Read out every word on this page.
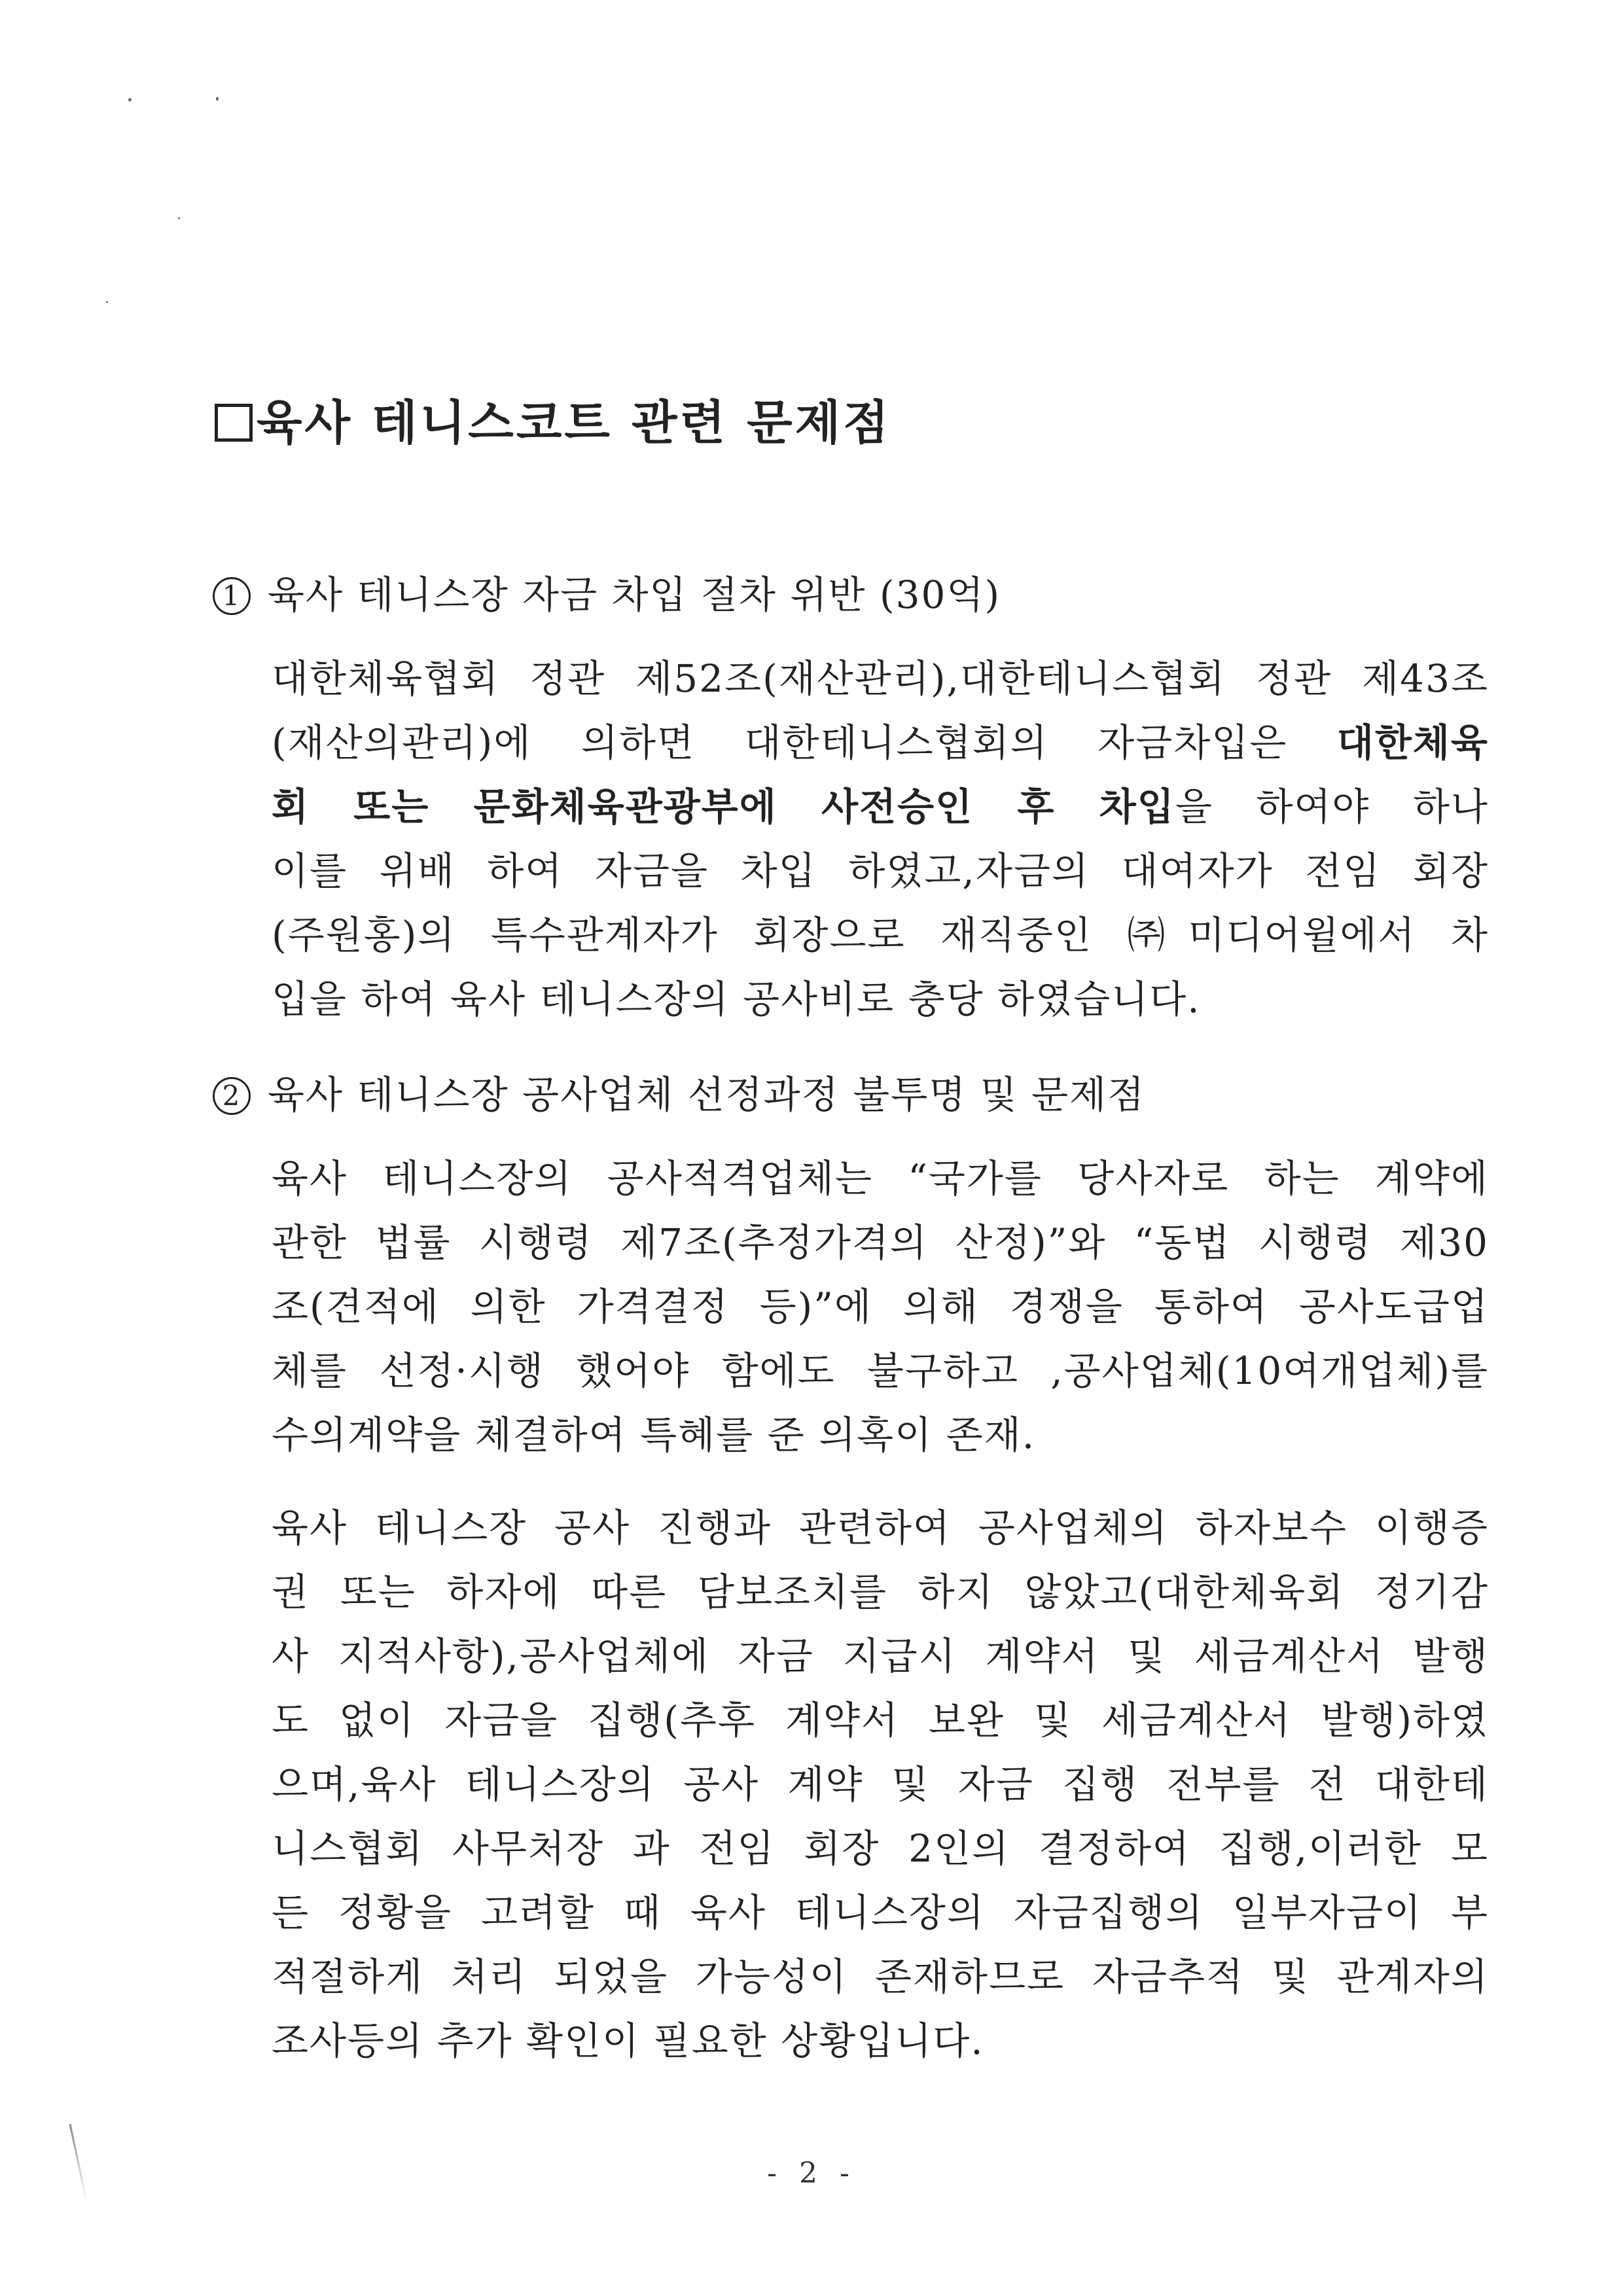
육사 테니스코트 관련 문제점
1 육사 테니스장 자금 차입 절차 위반 (30억)
대한체육협회 정관 제52조(재산관리),대한테니스협회 정관 제43조
(재산의관리)에 의하면 대한테니스협회의 자금차입은 대한체육
회 또는 문화체육관광부에 사전승인 후 차입을 하여야 하나
이를 위배 하여 자금을 차입 하였고,자금의 대여자가 전임 회장
(주원홍)의 특수관계자가 회장으로 재직중인 ㈜미디어윌에서 차
입을 하여 육사 테니스장의 공사비로 충당 하였습니다.
2 육사 테니스장 공사업체 선정과정 불투명 및 문제점
육사 테니스장의 공사적격업체는 “국가를 당사자로 하는 계약에
관한 법률 시행령 제7조(추정가격의 산정)”와 “동법 시행령 제30
조(견적에 의한 가격결정 등)”에 의해 경쟁을 통하여 공사도급업
체를 선정·시행 했어야 함에도 불구하고 ,공사업체(10여개업체)를
수의계약을 체결하여 특혜를 준 의혹이 존재.
육사 테니스장 공사 진행과 관련하여 공사업체의 하자보수 이행증
권 또는 하자에 따른 담보조치를 하지 않았고(대한체육회 정기감
사 지적사항),공사업체에 자금 지급시 계약서 및 세금계산서 발행
도 없이 자금을 집행(추후 계약서 보완 및 세금계산서 발행)하였
으며,육사 테니스장의 공사 계약 및 자금 집행 전부를 전 대한테
니스협회 사무처장 과 전임 회장 2인의 결정하여 집행,이러한 모
든 정황을 고려할 때 육사 테니스장의 자금집행의 일부자금이 부
적절하게 처리 되었을 가능성이 존재하므로 자금추적 및 관계자의
조사등의 추가 확인이 필요한 상황입니다.
- 2 -
